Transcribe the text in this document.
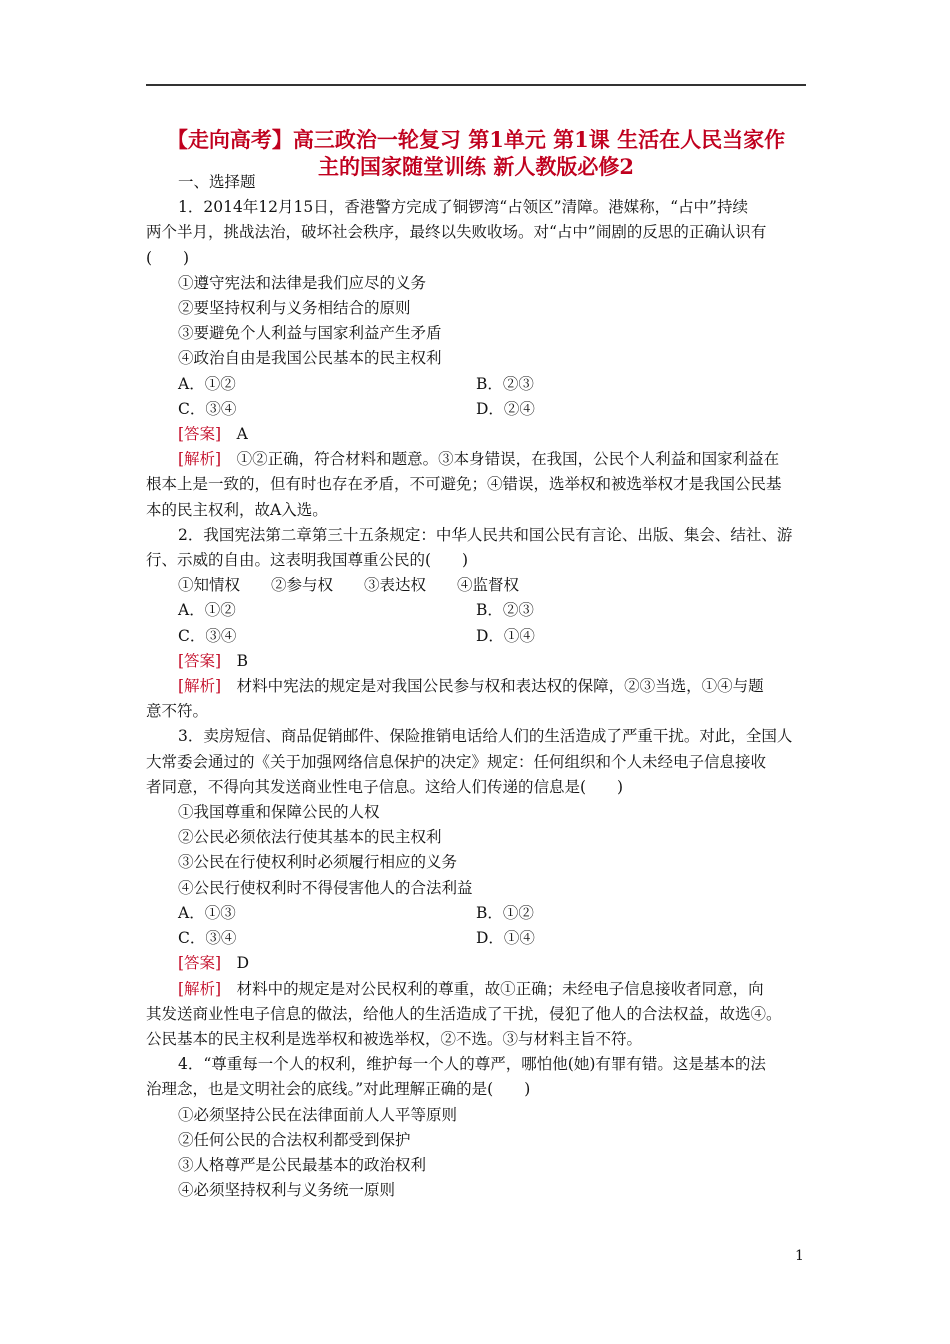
【走向高考】高三政治一轮复习 第1单元 第1课 生活在人民当家作
主的国家随堂训练 新人教版必修2
一、选择题
1．2014年12月15日，香港警方完成了铜锣湾“占领区”清障。港媒称，“占中”持续
两个半月，挑战法治，破坏社会秩序，最终以失败收场。对“占中”闹剧的反思的正确认识有
(　　)
①遵守宪法和法律是我们应尽的义务
②要坚持权利与义务相结合的原则
③要避免个人利益与国家利益产生矛盾
④政治自由是我国公民基本的民主权利
A．①②	B．②③
C．③④	D．②④
[答案]　A
[解析]　①②正确，符合材料和题意。③本身错误，在我国，公民个人利益和国家利益在
根本上是一致的，但有时也存在矛盾，不可避免；④错误，选举权和被选举权才是我国公民基
本的民主权利，故A入选。
2．我国宪法第二章第三十五条规定：中华人民共和国公民有言论、出版、集会、结社、游
行、示威的自由。这表明我国尊重公民的(　　)
①知情权　　②参与权　　③表达权　　④监督权
A．①②	B．②③
C．③④	D．①④
[答案]　B
[解析]　材料中宪法的规定是对我国公民参与权和表达权的保障，②③当选，①④与题
意不符。
3．卖房短信、商品促销邮件、保险推销电话给人们的生活造成了严重干扰。对此，全国人
大常委会通过的《关于加强网络信息保护的决定》规定：任何组织和个人未经电子信息接收
者同意，不得向其发送商业性电子信息。这给人们传递的信息是(　　)
①我国尊重和保障公民的人权
②公民必须依法行使其基本的民主权利
③公民在行使权利时必须履行相应的义务
④公民行使权利时不得侵害他人的合法利益
A．①③	B．①②
C．③④	D．①④
[答案]　D
[解析]　材料中的规定是对公民权利的尊重，故①正确；未经电子信息接收者同意，向
其发送商业性电子信息的做法，给他人的生活造成了干扰，侵犯了他人的合法权益，故选④。
公民基本的民主权利是选举权和被选举权，②不选。③与材料主旨不符。
4．“尊重每一个人的权利，维护每一个人的尊严，哪怕他(她)有罪有错。这是基本的法
治理念，也是文明社会的底线。”对此理解正确的是(　　)
①必须坚持公民在法律面前人人平等原则
②任何公民的合法权利都受到保护
③人格尊严是公民最基本的政治权利
④必须坚持权利与义务统一原则
1
